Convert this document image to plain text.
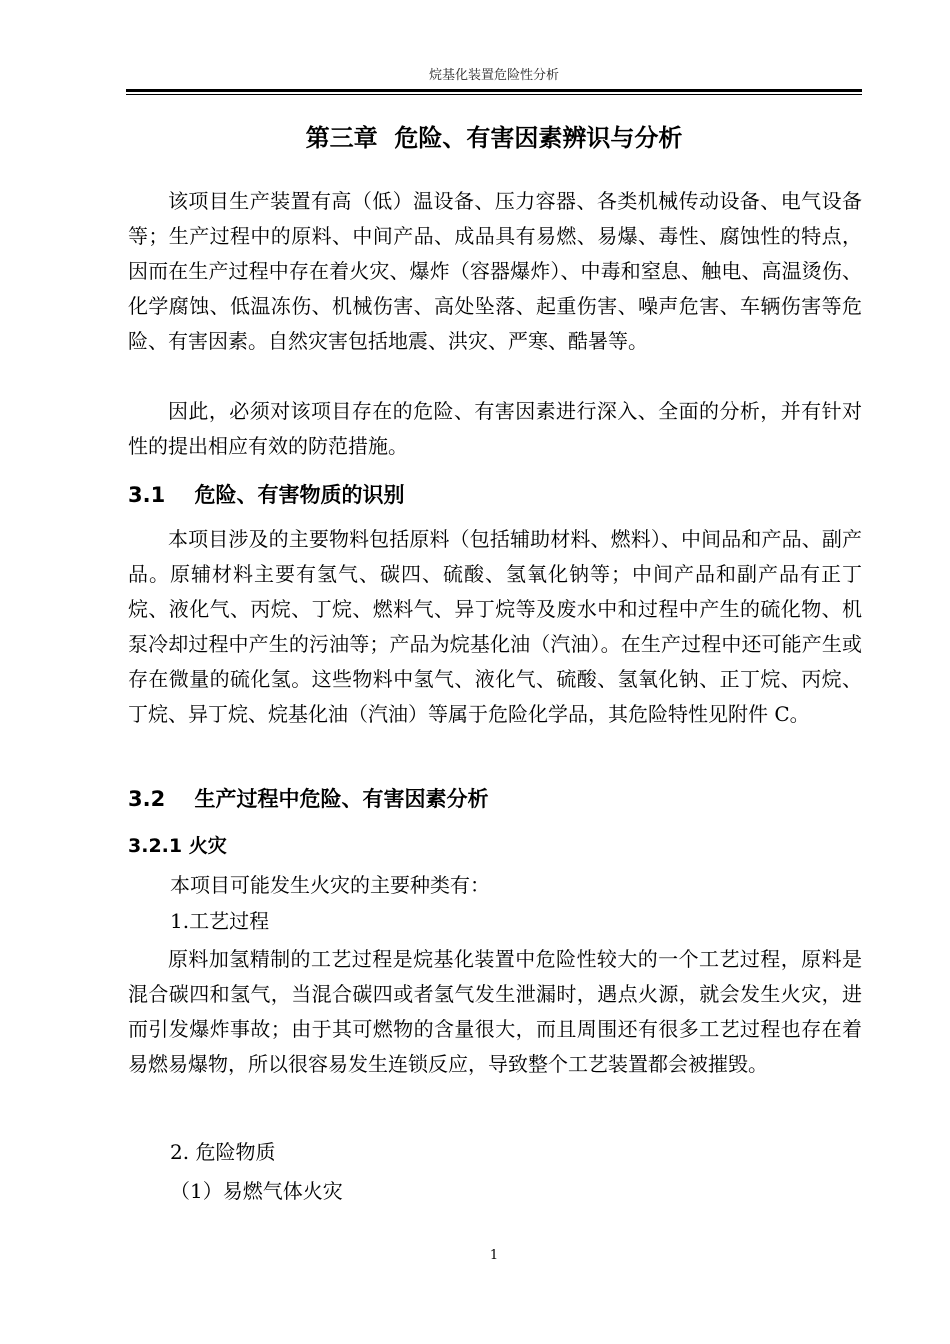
烷基化装置危险性分析
第三章  危险、有害因素辨识与分析

该项目生产装置有高（低）温设备、压力容器、各类机械传动设备、电气设备等；生产过程中的原料、中间产品、成品具有易燃、易爆、毒性、腐蚀性的特点，因而在生产过程中存在着火灾、爆炸（容器爆炸）、中毒和窒息、触电、高温烫伤、化学腐蚀、低温冻伤、机械伤害、高处坠落、起重伤害、噪声危害、车辆伤害等危险、有害因素。自然灾害包括地震、洪灾、严寒、酷暑等。

因此，必须对该项目存在的危险、有害因素进行深入、全面的分析，并有针对性的提出相应有效的防范措施。

3.1    危险、有害物质的识别

本项目涉及的主要物料包括原料（包括辅助材料、燃料）、中间品和产品、副产品。原辅材料主要有氢气、碳四、硫酸、氢氧化钠等；中间产品和副产品有正丁烷、液化气、丙烷、丁烷、燃料气、异丁烷等及废水中和过程中产生的硫化物、机泵冷却过程中产生的污油等；产品为烷基化油（汽油）。在生产过程中还可能产生或存在微量的硫化氢。这些物料中氢气、液化气、硫酸、氢氧化钠、正丁烷、丙烷、丁烷、异丁烷、烷基化油（汽油）等属于危险化学品，其危险特性见附件 C。

3.2    生产过程中危险、有害因素分析
3.2.1 火灾
本项目可能发生火灾的主要种类有：
1.工艺过程

原料加氢精制的工艺过程是烷基化装置中危险性较大的一个工艺过程，原料是混合碳四和氢气，当混合碳四或者氢气发生泄漏时，遇点火源，就会发生火灾，进而引发爆炸事故；由于其可燃物的含量很大，而且周围还有很多工艺过程也存在着易燃易爆物，所以很容易发生连锁反应，导致整个工艺装置都会被摧毁。

2. 危险物质
（1）易燃气体火灾
1
